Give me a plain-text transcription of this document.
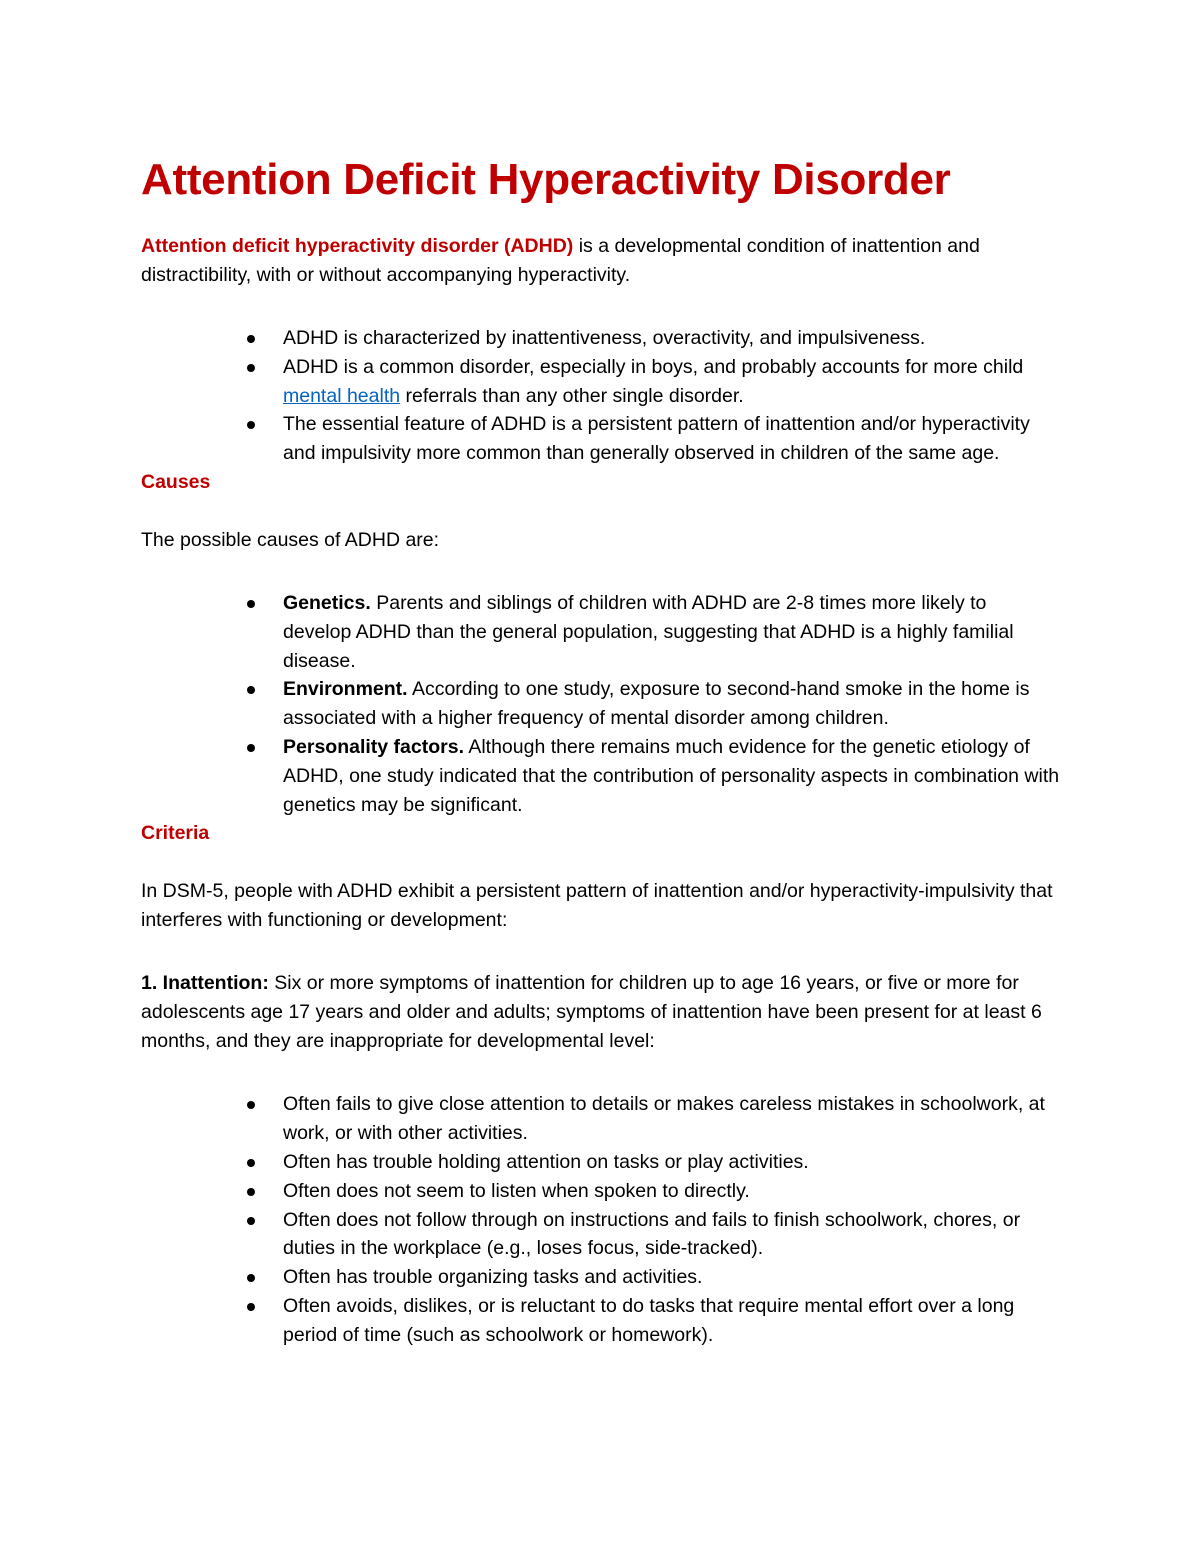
Attention Deficit Hyperactivity Disorder

Attention deficit hyperactivity disorder (ADHD) is a developmental condition of inattention and distractibility, with or without accompanying hyperactivity.

ADHD is characterized by inattentiveness, overactivity, and impulsiveness.
ADHD is a common disorder, especially in boys, and probably accounts for more child mental health referrals than any other single disorder.
The essential feature of ADHD is a persistent pattern of inattention and/or hyperactivity and impulsivity more common than generally observed in children of the same age.
Causes

The possible causes of ADHD are:

Genetics. Parents and siblings of children with ADHD are 2-8 times more likely to develop ADHD than the general population, suggesting that ADHD is a highly familial disease.
Environment. According to one study, exposure to second-hand smoke in the home is associated with a higher frequency of mental disorder among children.
Personality factors. Although there remains much evidence for the genetic etiology of ADHD, one study indicated that the contribution of personality aspects in combination with genetics may be significant.
Criteria

In DSM-5, people with ADHD exhibit a persistent pattern of inattention and/or hyperactivity-impulsivity that interferes with functioning or development:

1. Inattention: Six or more symptoms of inattention for children up to age 16 years, or five or more for adolescents age 17 years and older and adults; symptoms of inattention have been present for at least 6 months, and they are inappropriate for developmental level:

Often fails to give close attention to details or makes careless mistakes in schoolwork, at work, or with other activities.
Often has trouble holding attention on tasks or play activities.
Often does not seem to listen when spoken to directly.
Often does not follow through on instructions and fails to finish schoolwork, chores, or duties in the workplace (e.g., loses focus, side-tracked).
Often has trouble organizing tasks and activities.
Often avoids, dislikes, or is reluctant to do tasks that require mental effort over a long period of time (such as schoolwork or homework).
